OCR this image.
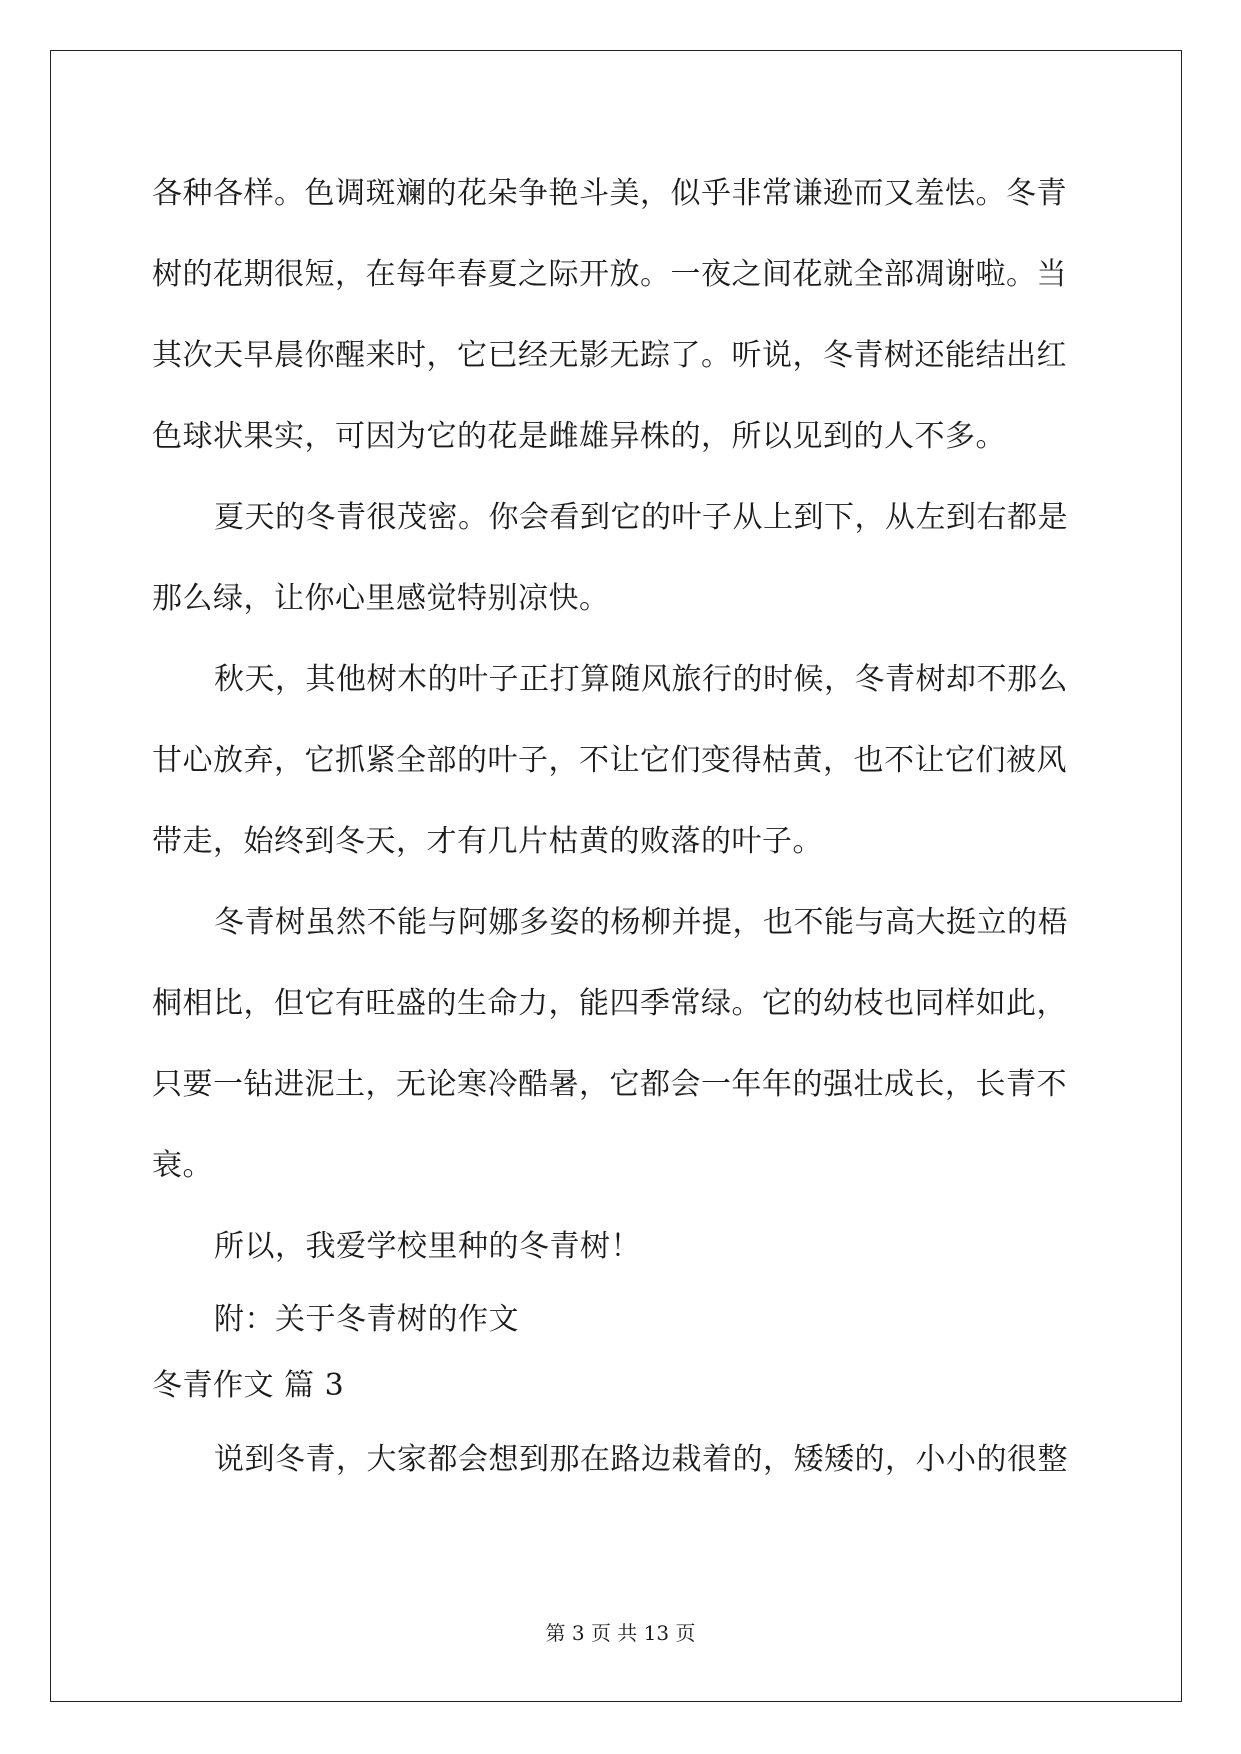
各种各样。色调斑斓的花朵争艳斗美，似乎非常谦逊而又羞怯。冬青
树的花期很短，在每年春夏之际开放。一夜之间花就全部凋谢啦。当
其次天早晨你醒来时，它已经无影无踪了。听说，冬青树还能结出红
色球状果实，可因为它的花是雌雄异株的，所以见到的人不多。
夏天的冬青很茂密。你会看到它的叶子从上到下，从左到右都是
那么绿，让你心里感觉特别凉快。
秋天，其他树木的叶子正打算随风旅行的时候，冬青树却不那么
甘心放弃，它抓紧全部的叶子，不让它们变得枯黄，也不让它们被风
带走，始终到冬天，才有几片枯黄的败落的叶子。
冬青树虽然不能与阿娜多姿的杨柳并提，也不能与高大挺立的梧
桐相比，但它有旺盛的生命力，能四季常绿。它的幼枝也同样如此，
只要一钻进泥土，无论寒冷酷暑，它都会一年年的强壮成长，长青不
衰。
所以，我爱学校里种的冬青树！
附：关于冬青树的作文
冬青作文 篇 3
说到冬青，大家都会想到那在路边栽着的，矮矮的，小小的很整
第 3 页 共 13 页
